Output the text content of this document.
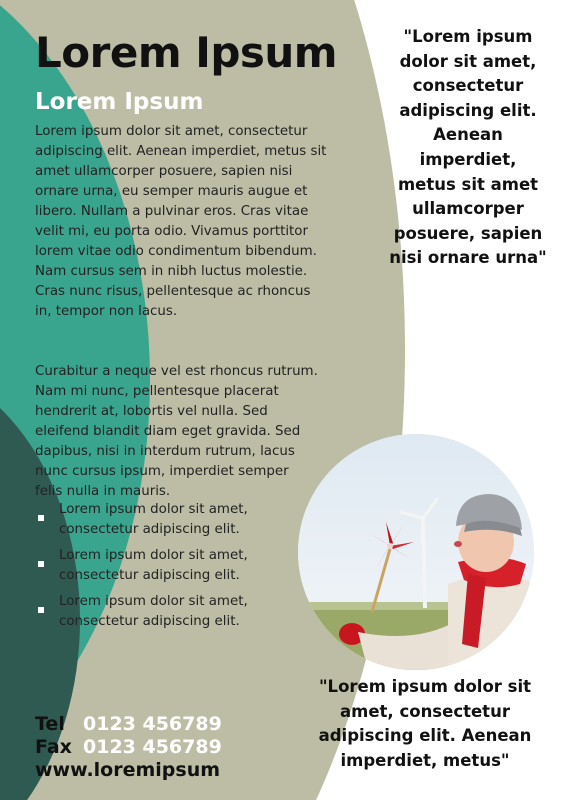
Lorem Ipsum
Lorem Ipsum

Lorem ipsum dolor sit amet, consectetur adipiscing elit. Aenean imperdiet, metus sit amet ullamcorper posuere, sapien nisi ornare urna, eu semper mauris augue et libero. Nullam a pulvinar eros. Cras vitae velit mi, eu porta odio. Vivamus porttitor lorem vitae odio condimentum bibendum. Nam cursus sem in nibh luctus molestie. Cras nunc risus, pellentesque ac rhoncus in, tempor non lacus.

Curabitur a neque vel est rhoncus rutrum. Nam mi nunc, pellentesque placerat hendrerit at, lobortis vel nulla. Sed eleifend blandit diam eget gravida. Sed dapibus, nisi in interdum rutrum, lacus nunc cursus ipsum, imperdiet semper felis nulla in mauris.

Lorem ipsum dolor sit amet, consectetur adipiscing elit.
Lorem ipsum dolor sit amet, consectetur adipiscing elit.
Lorem ipsum dolor sit amet, consectetur adipiscing elit.

"Lorem ipsum dolor sit amet, consectetur adipiscing elit. Aenean imperdiet, metus sit amet ullamcorper posuere, sapien nisi ornare urna"

"Lorem ipsum dolor sit amet, consectetur adipiscing elit. Aenean imperdiet, metus"

Tel 0123 456789
Fax 0123 456789
www.loremipsum
